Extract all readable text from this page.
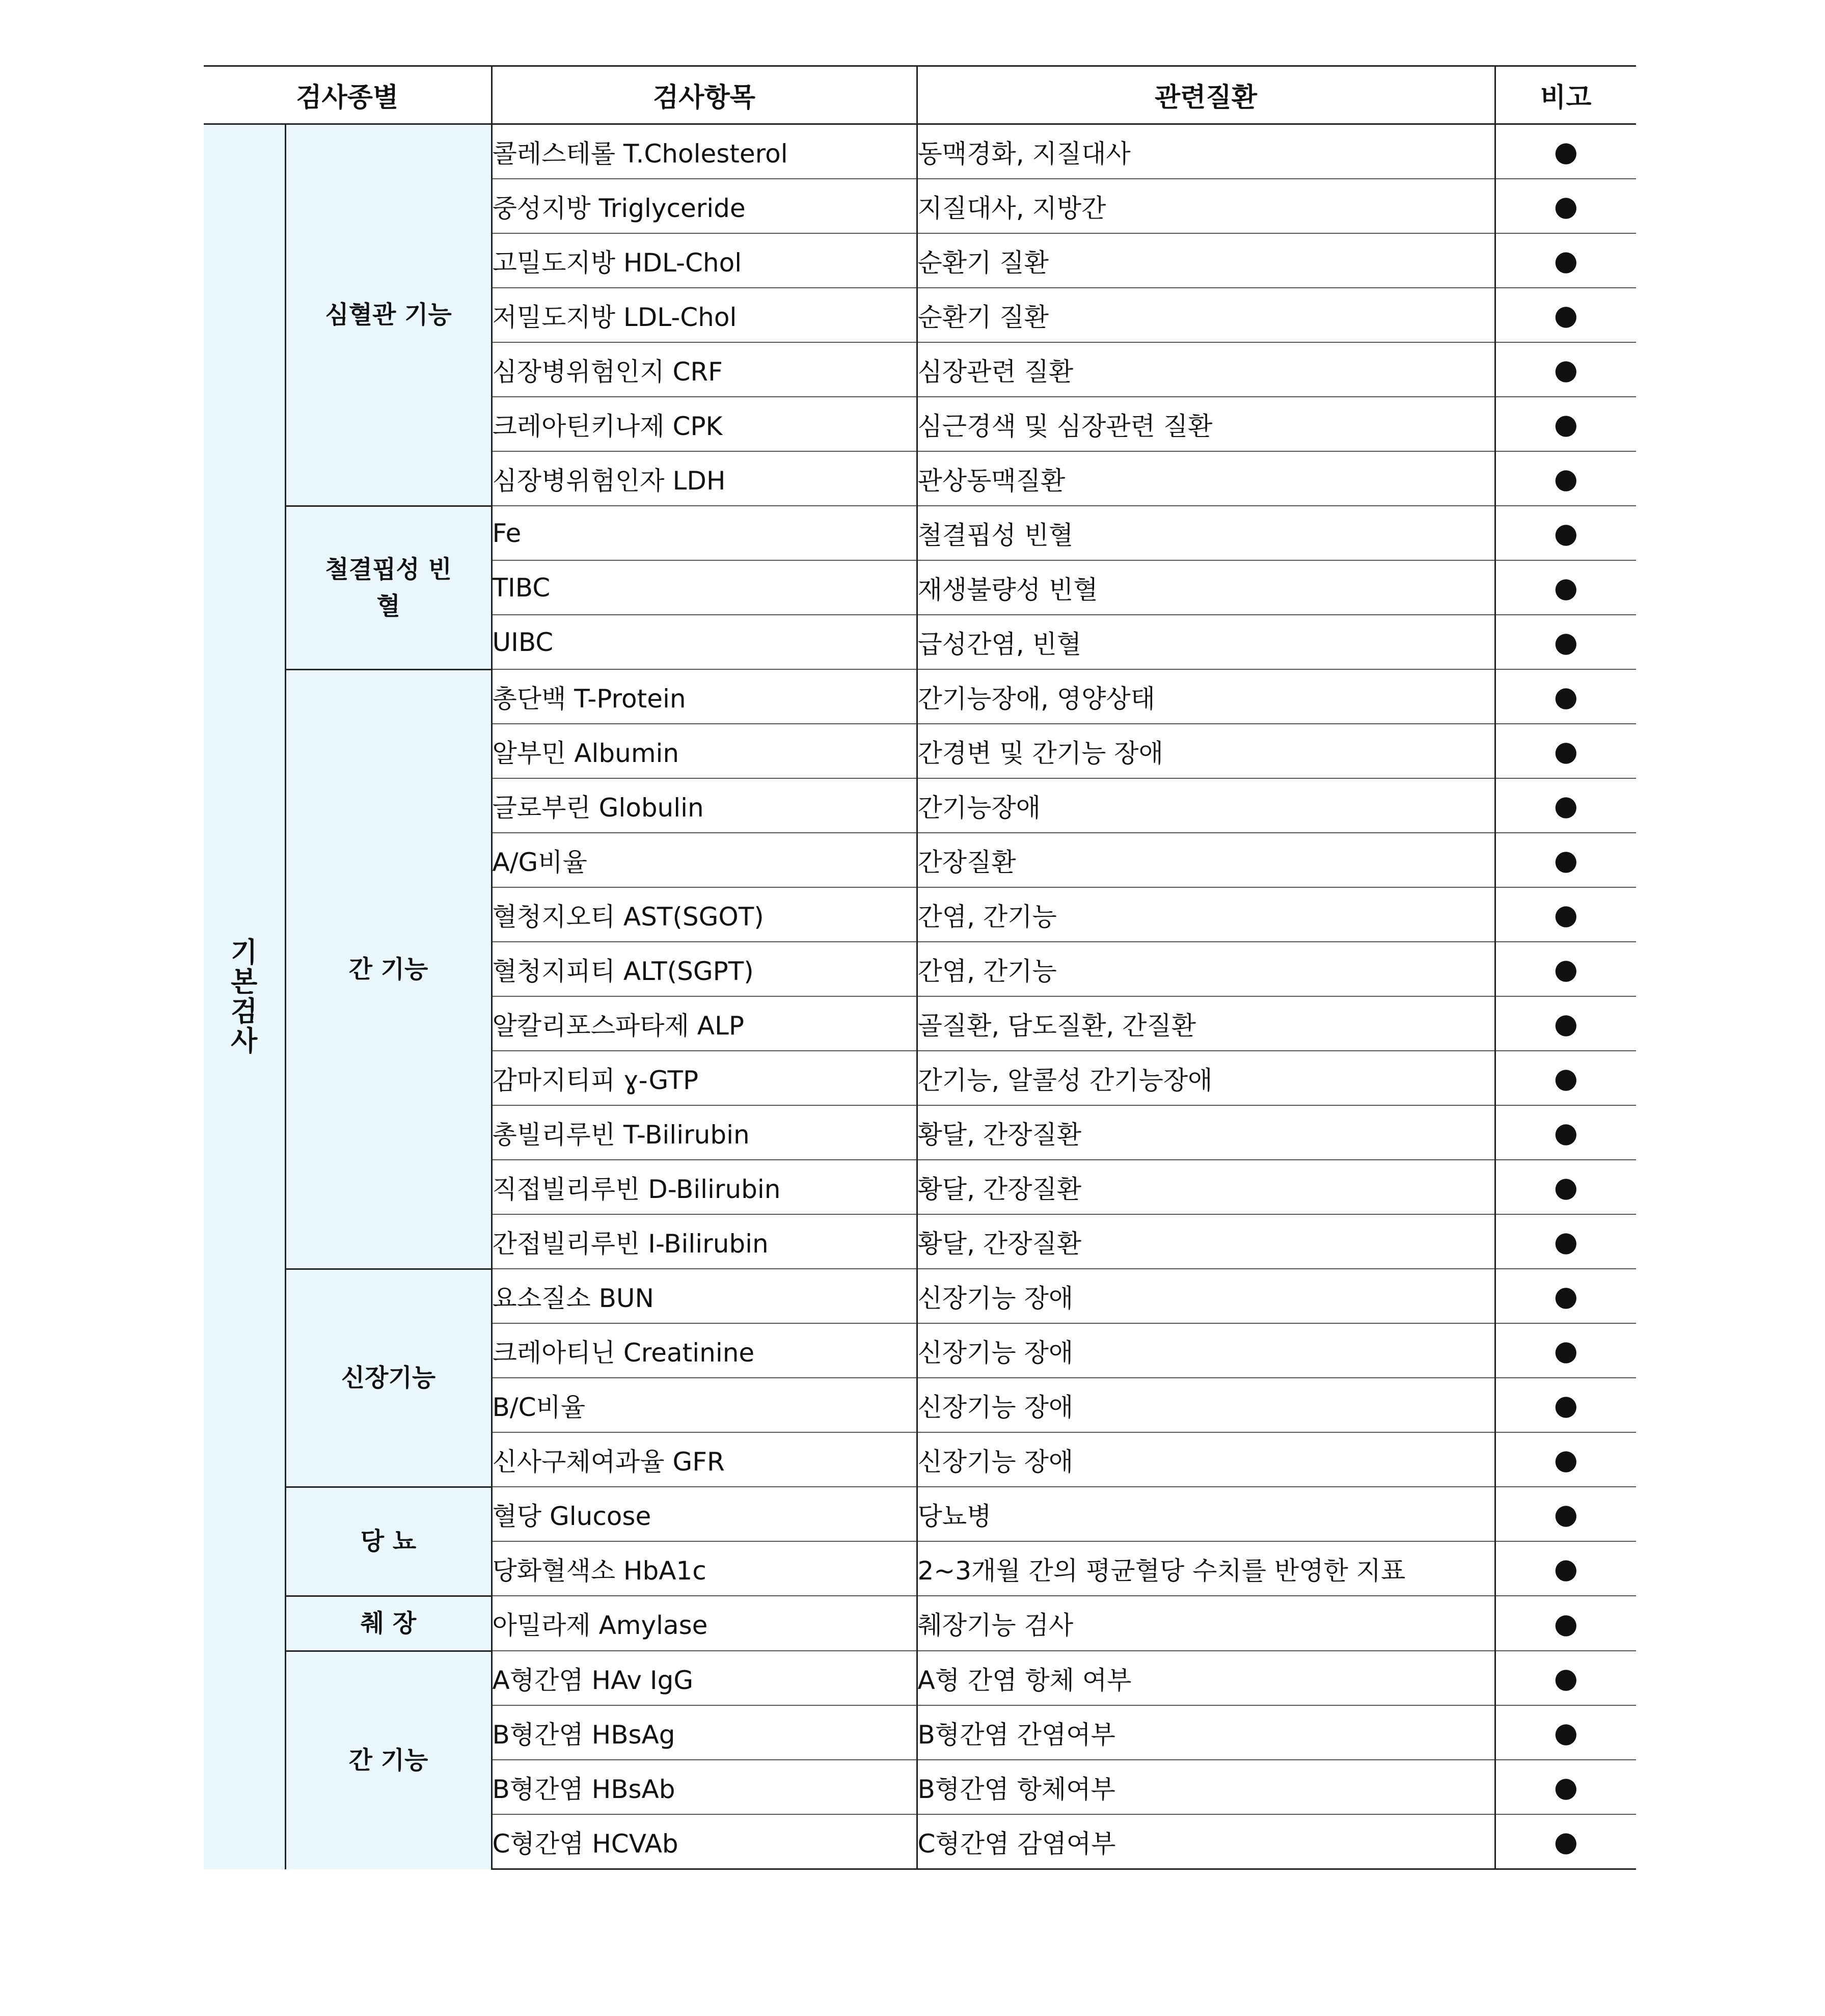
검사종별		검사항목	관련질환	비고
기본검사	심혈관 기능	콜레스테롤 T.Cholesterol	동맥경화, 지질대사	●
		중성지방 Triglyceride	지질대사, 지방간	●
		고밀도지방 HDL-Chol	순환기 질환	●
		저밀도지방 LDL-Chol	순환기 질환	●
		심장병위험인지 CRF	심장관련 질환	●
		크레아틴키나제 CPK	심근경색 및 심장관련 질환	●
		심장병위험인자 LDH	관상동맥질환	●
	철결핍성 빈 혈	Fe	철결핍성 빈혈	●
		TIBC	재생불량성 빈혈	●
		UIBC	급성간염, 빈혈	●
	간 기능	총단백 T-Protein	간기능장애, 영양상태	●
		알부민 Albumin	간경변 및 간기능 장애	●
		글로부린 Globulin	간기능장애	●
		A/G비율	간장질환	●
		혈청지오티 AST(SGOT)	간염, 간기능	●
		혈청지피티 ALT(SGPT)	간염, 간기능	●
		알칼리포스파타제 ALP	골질환, 담도질환, 간질환	●
		감마지티피 ɣ-GTP	간기능, 알콜성 간기능장애	●
		총빌리루빈 T-Bilirubin	황달, 간장질환	●
		직접빌리루빈 D-Bilirubin	황달, 간장질환	●
		간접빌리루빈 I-Bilirubin	황달, 간장질환	●
	신장기능	요소질소 BUN	신장기능 장애	●
		크레아티닌 Creatinine	신장기능 장애	●
		B/C비율	신장기능 장애	●
		신사구체여과율 GFR	신장기능 장애	●
	당 뇨	혈당 Glucose	당뇨병	●
		당화혈색소 HbA1c	2~3개월 간의 평균혈당 수치를 반영한 지표	●
	췌 장	아밀라제 Amylase	췌장기능 검사	●
	간 기능	A형간염 HAv IgG	A형 간염 항체 여부	●
		B형간염 HBsAg	B형간염 간염여부	●
		B형간염 HBsAb	B형간염 항체여부	●
		C형간염 HCVAb	C형간염 감염여부	●
